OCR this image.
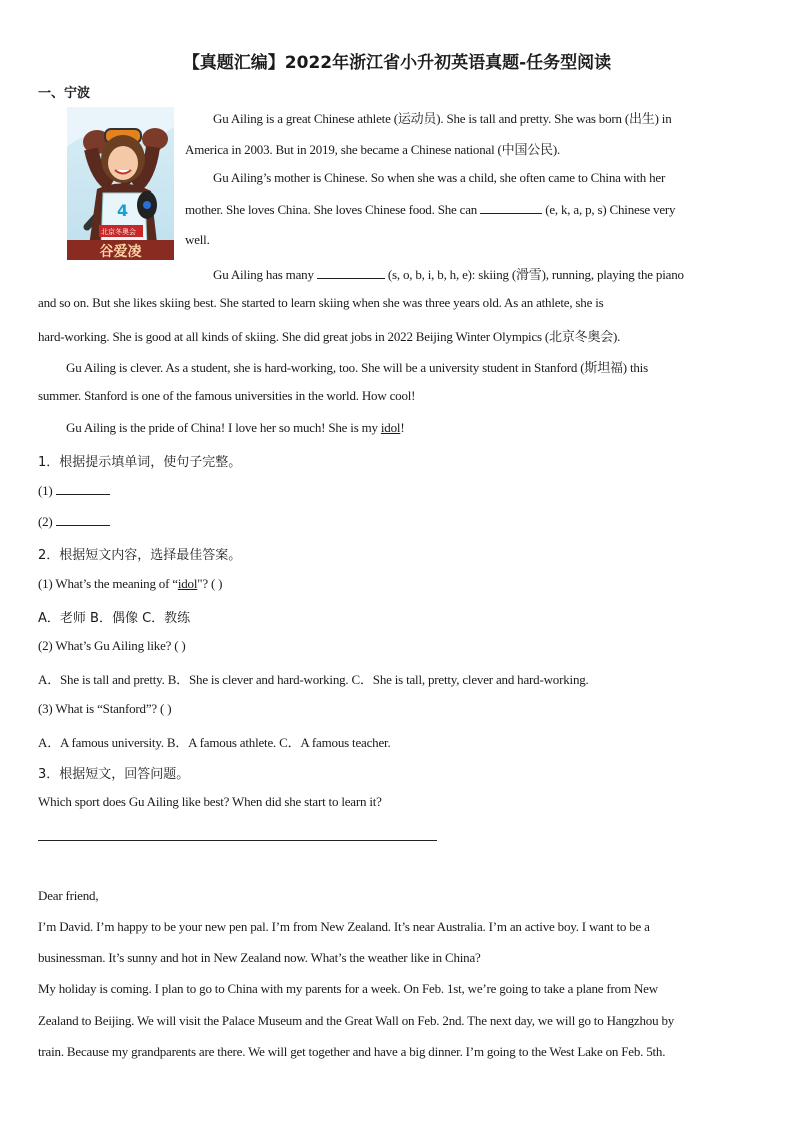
【真题汇编】2022年浙江省小升初英语真题-任务型阅读
一、宁波
4
北京冬奥会
谷爱凌
Gu Ailing is a great Chinese athlete (运动员). She is tall and pretty. She was born (出生) in
America in 2003. But in 2019, she became a Chinese national (中国公民).
Gu Ailing’s mother is Chinese. So when she was a child, she often came to China with her
mother. She loves China. She loves Chinese food. She can	(e, k, a, p, s) Chinese very
well.
Gu Ailing has many	(s, o, b, i, b, h, e): skiing (滑雪), running, playing the piano
and so on. But she likes skiing best. She started to learn skiing when she was three years old. As an athlete, she is
hard-working. She is good at all kinds of skiing. She did great jobs in 2022 Beijing Winter Olympics (北京冬奥会).
Gu Ailing is clever. As a student, she is hard-working, too. She will be a university student in Stanford (斯坦福) this
summer. Stanford is one of the famous universities in the world. How cool!
Gu Ailing is the pride of China! I love her so much! She is my idol!
1．根据提示填单词，使句子完整。
(1)
(2)
2．根据短文内容，选择最佳答案。
(1) What’s the meaning of “idol"? ( )
A．老师 B．偶像 C．教练
(2) What’s Gu Ailing like? ( )
A．She is tall and pretty. B．She is clever and hard-working. C．She is tall, pretty, clever and hard-working.
(3) What is “Stanford”? ( )
A．A famous university. B．A famous athlete. C．A famous teacher.
3．根据短文，回答问题。
Which sport does Gu Ailing like best? When did she start to learn it?
Dear friend,
I’m David. I’m happy to be your new pen pal. I’m from New Zealand. It’s near Australia. I’m an active boy. I want to be a
businessman. It’s sunny and hot in New Zealand now. What’s the weather like in China?
My holiday is coming. I plan to go to China with my parents for a week. On Feb. 1st, we’re going to take a plane from New
Zealand to Beijing. We will visit the Palace Museum and the Great Wall on Feb. 2nd. The next day, we will go to Hangzhou by
train. Because my grandparents are there. We will get together and have a big dinner. I’m going to the West Lake on Feb. 5th.
